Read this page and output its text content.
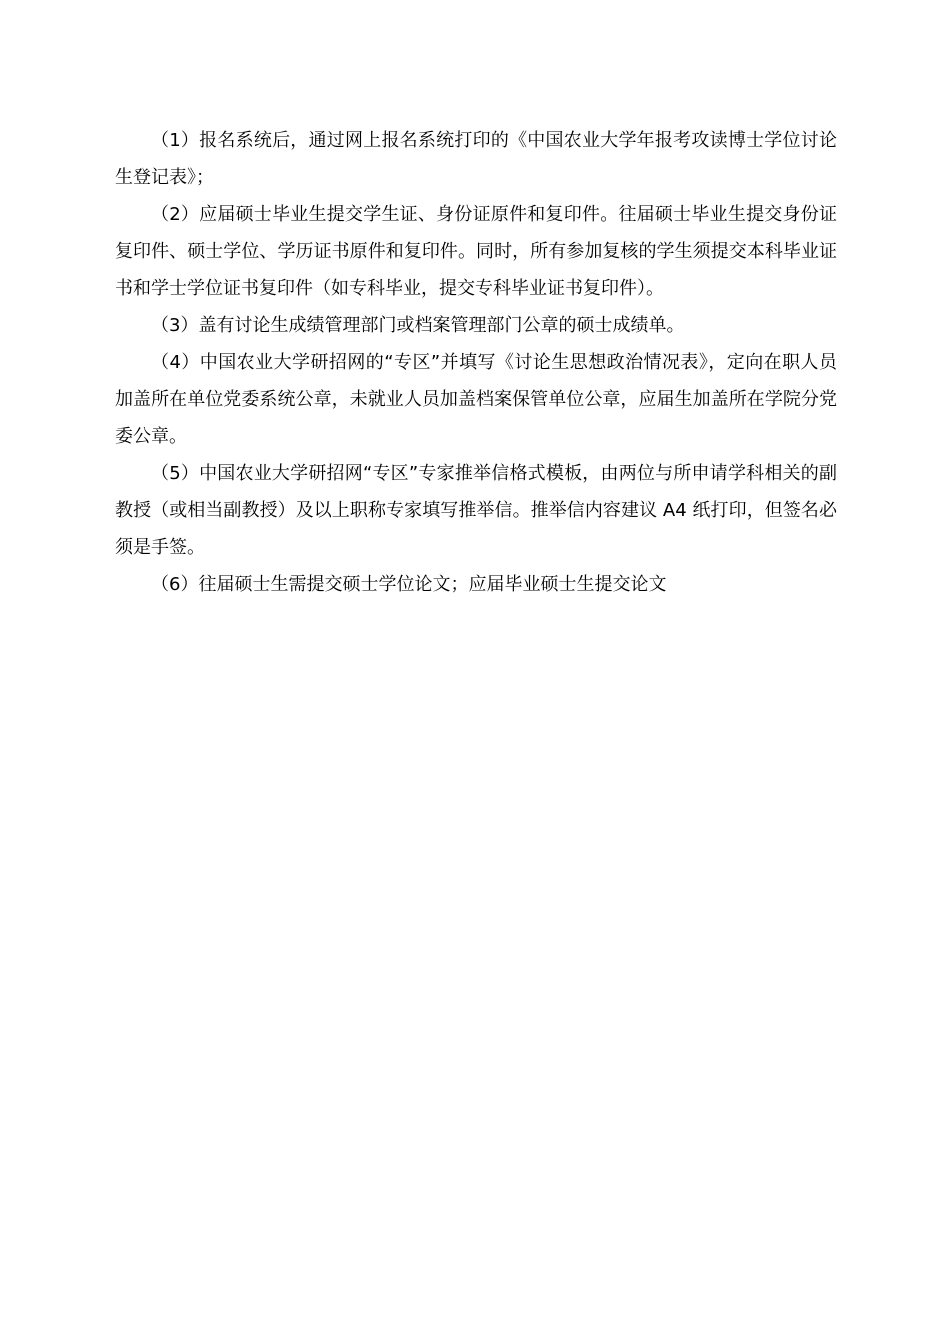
（1）报名系统后，通过网上报名系统打印的《中国农业大学年报考攻读博士学位讨论生登记表》；

（2）应届硕士毕业生提交学生证、身份证原件和复印件。往届硕士毕业生提交身份证复印件、硕士学位、学历证书原件和复印件。同时，所有参加复核的学生须提交本科毕业证书和学士学位证书复印件（如专科毕业，提交专科毕业证书复印件）。

（3）盖有讨论生成绩管理部门或档案管理部门公章的硕士成绩单。

（4）中国农业大学研招网的“专区”并填写《讨论生思想政治情况表》，定向在职人员加盖所在单位党委系统公章，未就业人员加盖档案保管单位公章，应届生加盖所在学院分党委公章。

（5）中国农业大学研招网“专区”专家推举信格式模板，由两位与所申请学科相关的副教授（或相当副教授）及以上职称专家填写推举信。推举信内容建议 A4 纸打印，但签名必须是手签。

（6）往届硕士生需提交硕士学位论文；应届毕业硕士生提交论文
